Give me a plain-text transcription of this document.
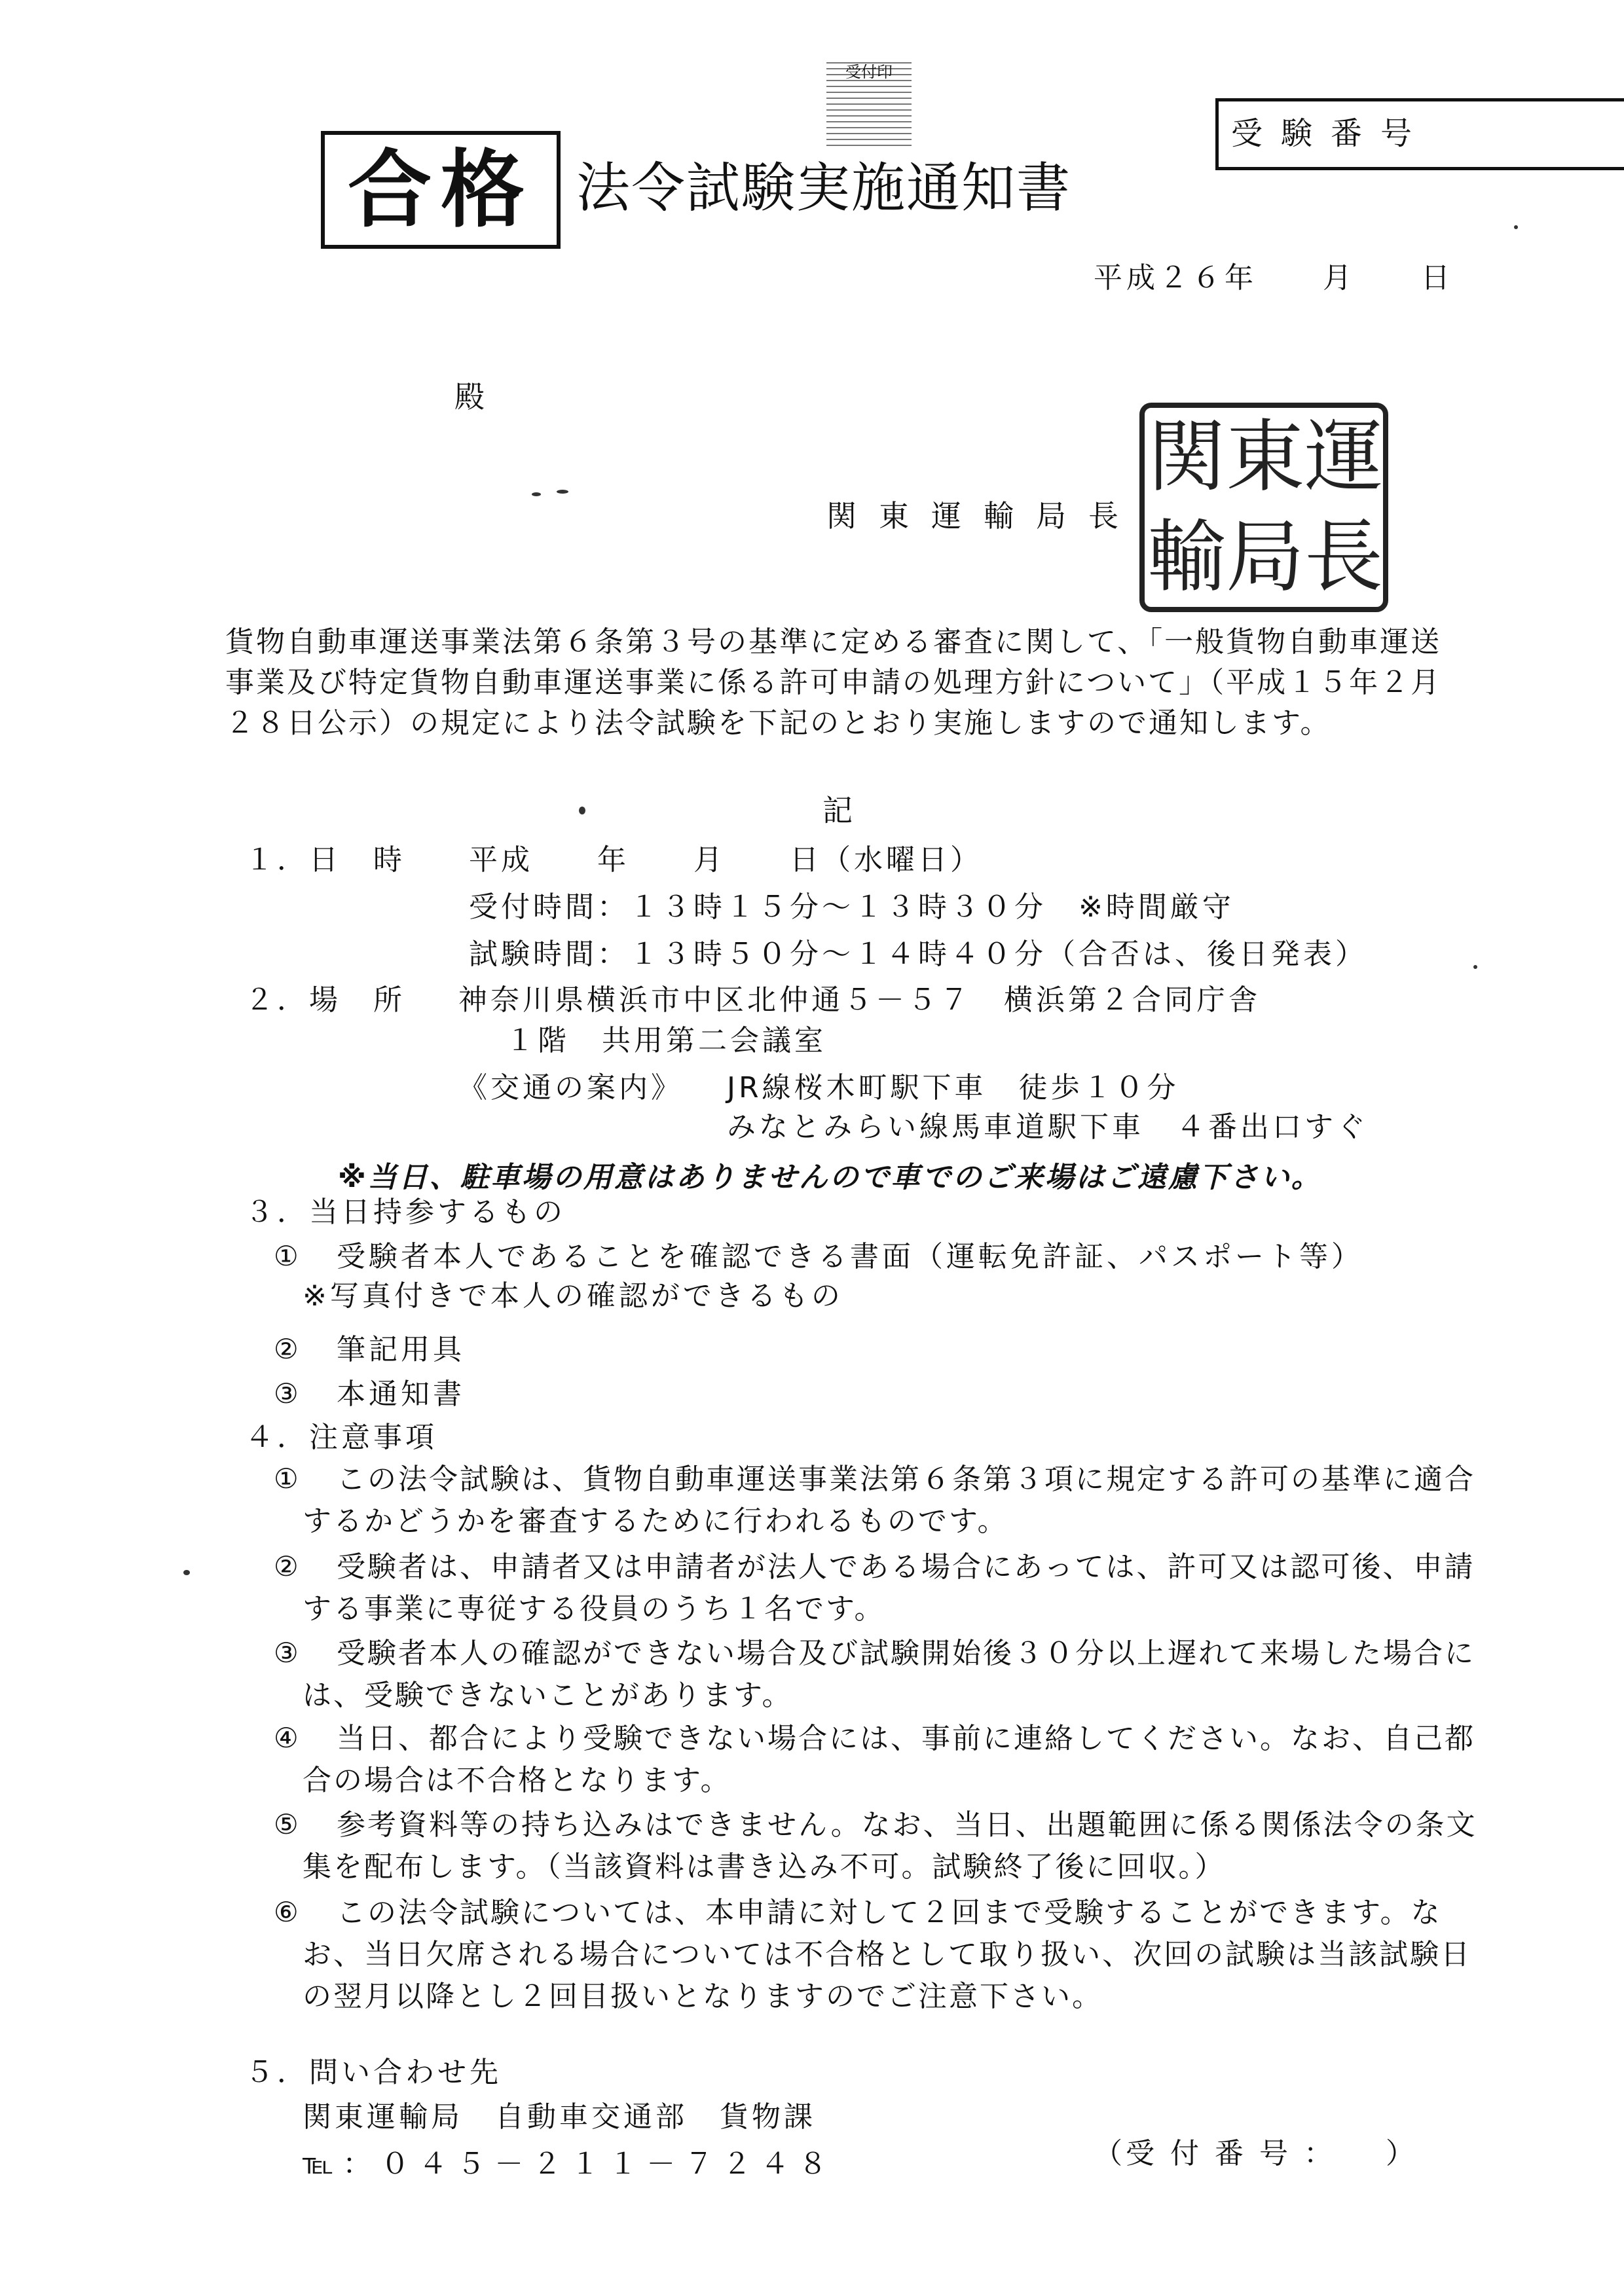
受付印
合格 法令試験実施通知書
受験番号
平成２６年　　月　　日
殿
関東運輸局長
関 東 運
輸 局 長
貨物自動車運送事業法第６条第３号の基準に定める審査に関して、「一般貨物自動車運送事業及び特定貨物自動車運送事業に係る許可申請の処理方針について」（平成１５年２月２８日公示）の規定により法令試験を下記のとおり実施しますので通知します。
記
１．日　時 平成　　年　　月　　日（水曜日）
受付時間：１３時１５分～１３時３０分　※時間厳守
試験時間：１３時５０分～１４時４０分（合否は、後日発表）
２．場　所 神奈川県横浜市中区北仲通５－５７　横浜第２合同庁舎
１階　共用第二会議室
《交通の案内》 JR線桜木町駅下車　徒歩１０分
みなとみらい線馬車道駅下車　４番出口すぐ
※当日、駐車場の用意はありませんので車でのご来場はご遠慮下さい。
３．当日持参するもの
① 受験者本人であることを確認できる書面（運転免許証、パスポート等）
※写真付きで本人の確認ができるもの
② 筆記用具
③ 本通知書
４．注意事項
①	この法令試験は、貨物自動車運送事業法第６条第３項に規定する許可の基準に適合するかどうかを審査するために行われるものです。
②	受験者は、申請者又は申請者が法人である場合にあっては、許可又は認可後、申請する事業に専従する役員のうち１名です。
③	受験者本人の確認ができない場合及び試験開始後３０分以上遅れて来場した場合には、受験できないことがあります。
④	当日、都合により受験できない場合には、事前に連絡してください。なお、自己都合の場合は不合格となります。
⑤	参考資料等の持ち込みはできません。なお、当日、出題範囲に係る関係法令の条文集を配布します。（当該資料は書き込み不可。試験終了後に回収。）
⑥	この法令試験については、本申請に対して２回まで受験することができます。なお、当日欠席される場合については不合格として取り扱い、次回の試験は当該試験日の翌月以降とし２回目扱いとなりますのでご注意下さい。
５．問い合わせ先
関東運輸局　自動車交通部　貨物課
℡：０４５－２１１－７２４８	（受 付 番 号 ：　　）
